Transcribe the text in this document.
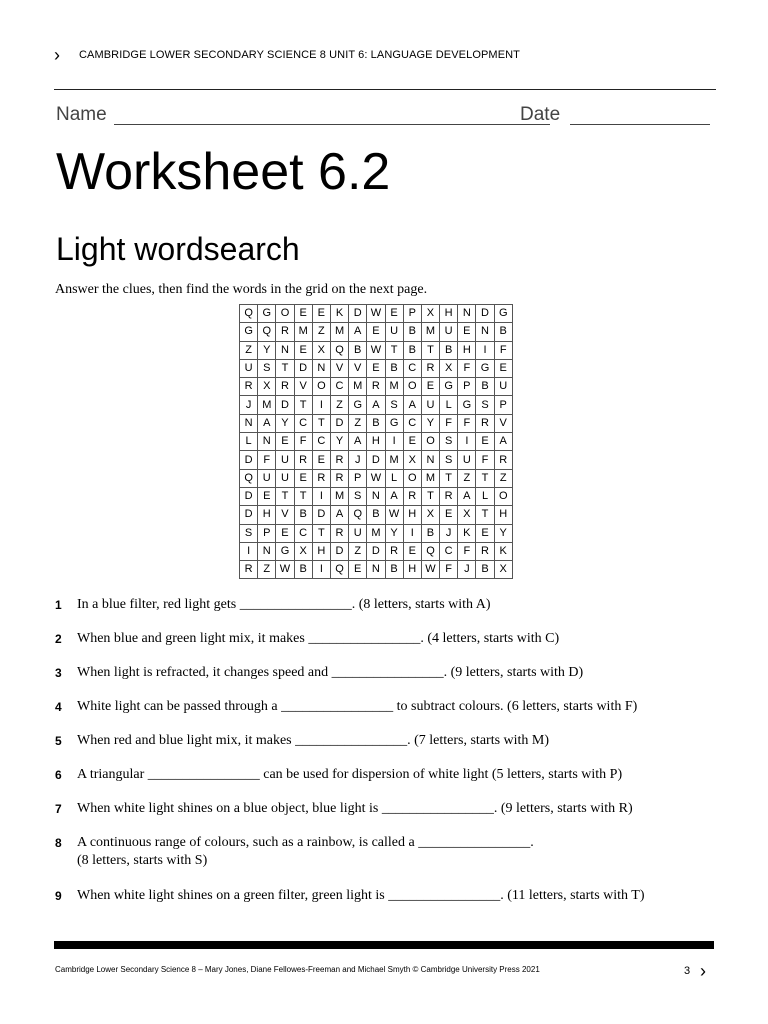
› CAMBRIDGE LOWER SECONDARY SCIENCE 8 UNIT 6: LANGUAGE DEVELOPMENT
Name	Date
Worksheet 6.2
Light wordsearch
Answer the clues, then find the words in the grid on the next page.
Q	G	O	E	E	K	D	W	E	P	X	H	N	D	G
G	Q	R	M	Z	M	A	E	U	B	M	U	E	N	B
Z	Y	N	E	X	Q	B	W	T	B	T	B	H	I	F
U	S	T	D	N	V	V	E	B	C	R	X	F	G	E
R	X	R	V	O	C	M	R	M	O	E	G	P	B	U
J	M	D	T	I	Z	G	A	S	A	U	L	G	S	P
N	A	Y	C	T	D	Z	B	G	C	Y	F	F	R	V
L	N	E	F	C	Y	A	H	I	E	O	S	I	E	A
D	F	U	R	E	R	J	D	M	X	N	S	U	F	R
Q	U	U	E	R	R	P	W	L	O	M	T	Z	T	Z
D	E	T	T	I	M	S	N	A	R	T	R	A	L	O
D	H	V	B	D	A	Q	B	W	H	X	E	X	T	H
S	P	E	C	T	R	U	M	Y	I	B	J	K	E	Y
I	N	G	X	H	D	Z	D	R	E	Q	C	F	R	K
R	Z	W	B	I	Q	E	N	B	H	W	F	J	B	X
1 In a blue filter, red light gets ________________. (8 letters, starts with A)
2 When blue and green light mix, it makes ________________. (4 letters, starts with C)
3 When light is refracted, it changes speed and ________________. (9 letters, starts with D)
4 White light can be passed through a ________________ to subtract colours. (6 letters, starts with F)
5 When red and blue light mix, it makes ________________. (7 letters, starts with M)
6 A triangular ________________ can be used for dispersion of white light (5 letters, starts with P)
7 When white light shines on a blue object, blue light is ________________. (9 letters, starts with R)
8 A continuous range of colours, such as a rainbow, is called a ________________.
(8 letters, starts with S)
9 When white light shines on a green filter, green light is ________________. (11 letters, starts with T)
Cambridge Lower Secondary Science 8 – Mary Jones, Diane Fellowes-Freeman and Michael Smyth © Cambridge University Press 2021	3 ›
